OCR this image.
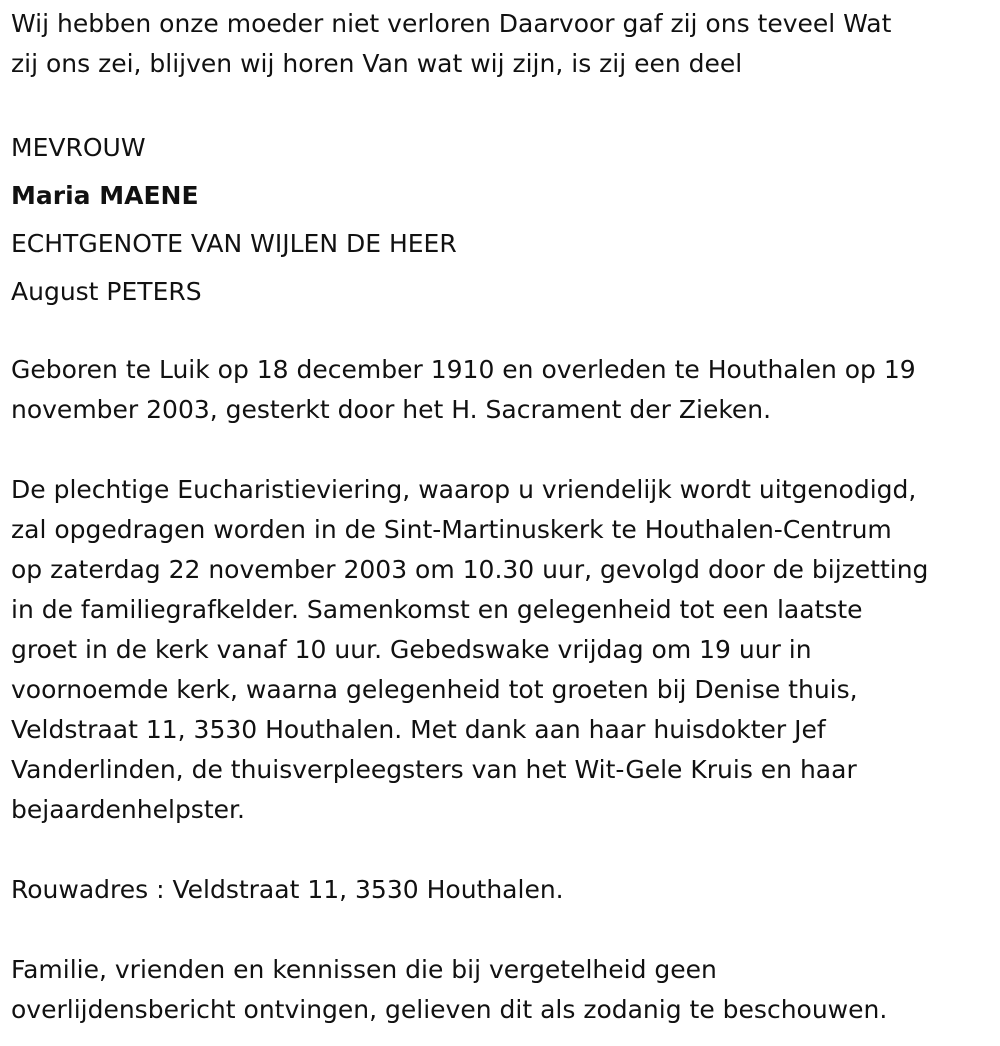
Wij hebben onze moeder niet verloren Daarvoor gaf zij ons teveel Wat
zij ons zei, blijven wij horen Van wat wij zijn, is zij een deel

MEVROUW
Maria MAENE
ECHTGENOTE VAN WIJLEN DE HEER
August PETERS

Geboren te Luik op 18 december 1910 en overleden te Houthalen op 19
november 2003, gesterkt door het H. Sacrament der Zieken.

De plechtige Eucharistieviering, waarop u vriendelijk wordt uitgenodigd,
zal opgedragen worden in de Sint-Martinuskerk te Houthalen-Centrum
op zaterdag 22 november 2003 om 10.30 uur, gevolgd door de bijzetting
in de familiegrafkelder. Samenkomst en gelegenheid tot een laatste
groet in de kerk vanaf 10 uur. Gebedswake vrijdag om 19 uur in
voornoemde kerk, waarna gelegenheid tot groeten bij Denise thuis,
Veldstraat 11, 3530 Houthalen. Met dank aan haar huisdokter Jef
Vanderlinden, de thuisverpleegsters van het Wit-Gele Kruis en haar
bejaardenhelpster.

Rouwadres : Veldstraat 11, 3530 Houthalen.

Familie, vrienden en kennissen die bij vergetelheid geen
overlijdensbericht ontvingen, gelieven dit als zodanig te beschouwen.
